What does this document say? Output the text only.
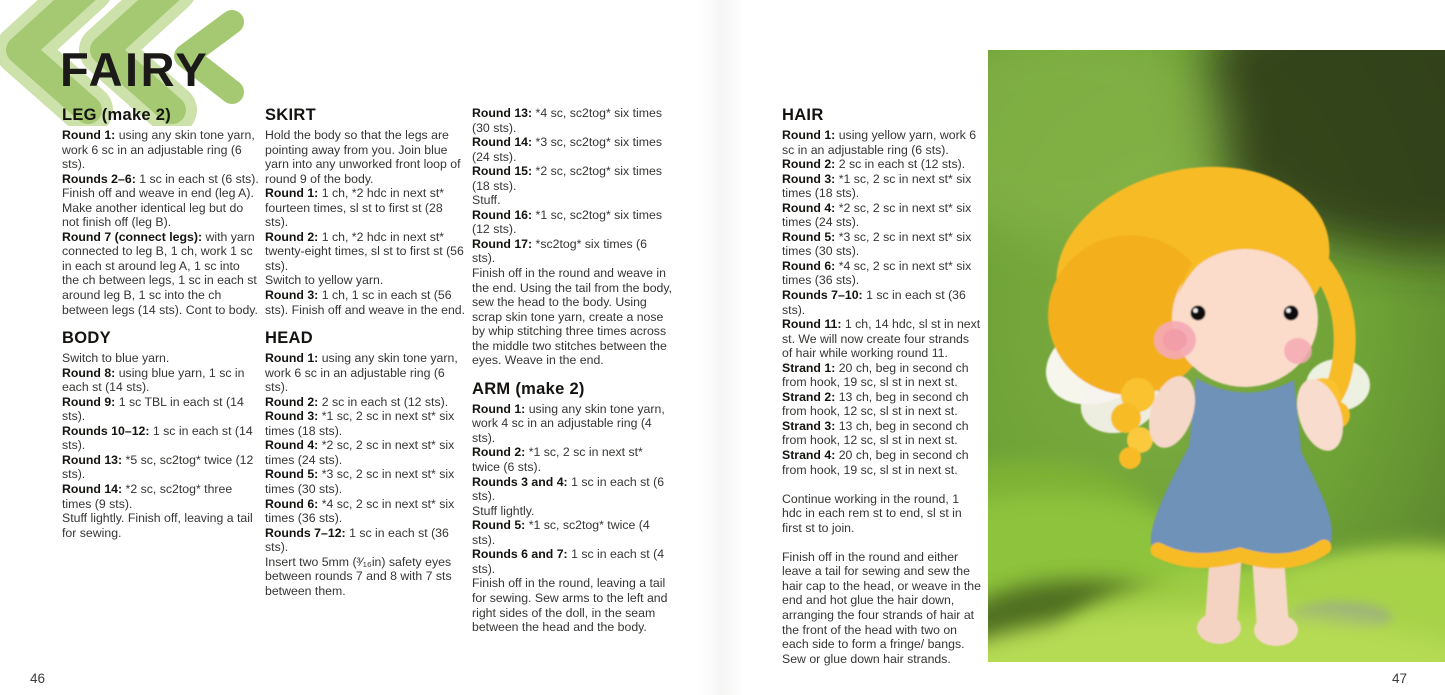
FAIRY
LEG (make 2)

Round 1: using any skin tone yarn, work 6 sc in an adjustable ring (6 sts).

Rounds 2–6: 1 sc in each st (6 sts). Finish off and weave in end (leg A). Make another identical leg but do not finish off (leg B).

Round 7 (connect legs): with yarn connected to leg B, 1 ch, work 1 sc in each st around leg A, 1 sc into the ch between legs, 1 sc in each st around leg B, 1 sc into the ch between legs (14 sts). Cont to body.

BODY

Switch to blue yarn.

Round 8: using blue yarn, 1 sc in each st (14 sts).

Round 9: 1 sc TBL in each st (14 sts).

Rounds 10–12: 1 sc in each st (14 sts).

Round 13: *5 sc, sc2tog* twice (12 sts).

Round 14: *2 sc, sc2tog* three times (9 sts).

Stuff lightly. Finish off, leaving a tail for sewing.

SKIRT

Hold the body so that the legs are pointing away from you. Join blue yarn into any unworked front loop of round 9 of the body.

Round 1: 1 ch, *2 hdc in next st* fourteen times, sl st to first st (28 sts).

Round 2: 1 ch, *2 hdc in next st* twenty-eight times, sl st to first st (56 sts).

Switch to yellow yarn.

Round 3: 1 ch, 1 sc in each st (56 sts). Finish off and weave in the end.

HEAD

Round 1: using any skin tone yarn, work 6 sc in an adjustable ring (6 sts).

Round 2: 2 sc in each st (12 sts).

Round 3: *1 sc, 2 sc in next st* six times (18 sts).

Round 4: *2 sc, 2 sc in next st* six times (24 sts).

Round 5: *3 sc, 2 sc in next st* six times (30 sts).

Round 6: *4 sc, 2 sc in next st* six times (36 sts).

Rounds 7–12: 1 sc in each st (36 sts).

Insert two 5mm (³⁄₁₆in) safety eyes between rounds 7 and 8 with 7 sts between them.

Round 13: *4 sc, sc2tog* six times (30 sts).

Round 14: *3 sc, sc2tog* six times (24 sts).

Round 15: *2 sc, sc2tog* six times (18 sts).

Stuff.

Round 16: *1 sc, sc2tog* six times (12 sts).

Round 17: *sc2tog* six times (6 sts).

Finish off in the round and weave in the end. Using the tail from the body, sew the head to the body. Using scrap skin tone yarn, create a nose by whip stitching three times across the middle two stitches between the eyes. Weave in the end.

ARM (make 2)

Round 1: using any skin tone yarn, work 4 sc in an adjustable ring (4 sts).

Round 2: *1 sc, 2 sc in next st* twice (6 sts).

Rounds 3 and 4: 1 sc in each st (6 sts).

Stuff lightly.

Round 5: *1 sc, sc2tog* twice (4 sts).

Rounds 6 and 7: 1 sc in each st (4 sts).

Finish off in the round, leaving a tail for sewing. Sew arms to the left and right sides of the doll, in the seam between the head and the body.

HAIR

Round 1: using yellow yarn, work 6 sc in an adjustable ring (6 sts).

Round 2: 2 sc in each st (12 sts).

Round 3: *1 sc, 2 sc in next st* six times (18 sts).

Round 4: *2 sc, 2 sc in next st* six times (24 sts).

Round 5: *3 sc, 2 sc in next st* six times (30 sts).

Round 6: *4 sc, 2 sc in next st* six times (36 sts).

Rounds 7–10: 1 sc in each st (36 sts).

Round 11: 1 ch, 14 hdc, sl st in next st. We will now create four strands of hair while working round 11.

Strand 1: 20 ch, beg in second ch from hook, 19 sc, sl st in next st.

Strand 2: 13 ch, beg in second ch from hook, 12 sc, sl st in next st.

Strand 3: 13 ch, beg in second ch from hook, 12 sc, sl st in next st.

Strand 4: 20 ch, beg in second ch from hook, 19 sc, sl st in next st.

Continue working in the round, 1 hdc in each rem st to end, sl st in first st to join.

Finish off in the round and either leave a tail for sewing and sew the hair cap to the head, or weave in the end and hot glue the hair down, arranging the four strands of hair at the front of the head with two on each side to form a fringe/ bangs. Sew or glue down hair strands.

46	47
